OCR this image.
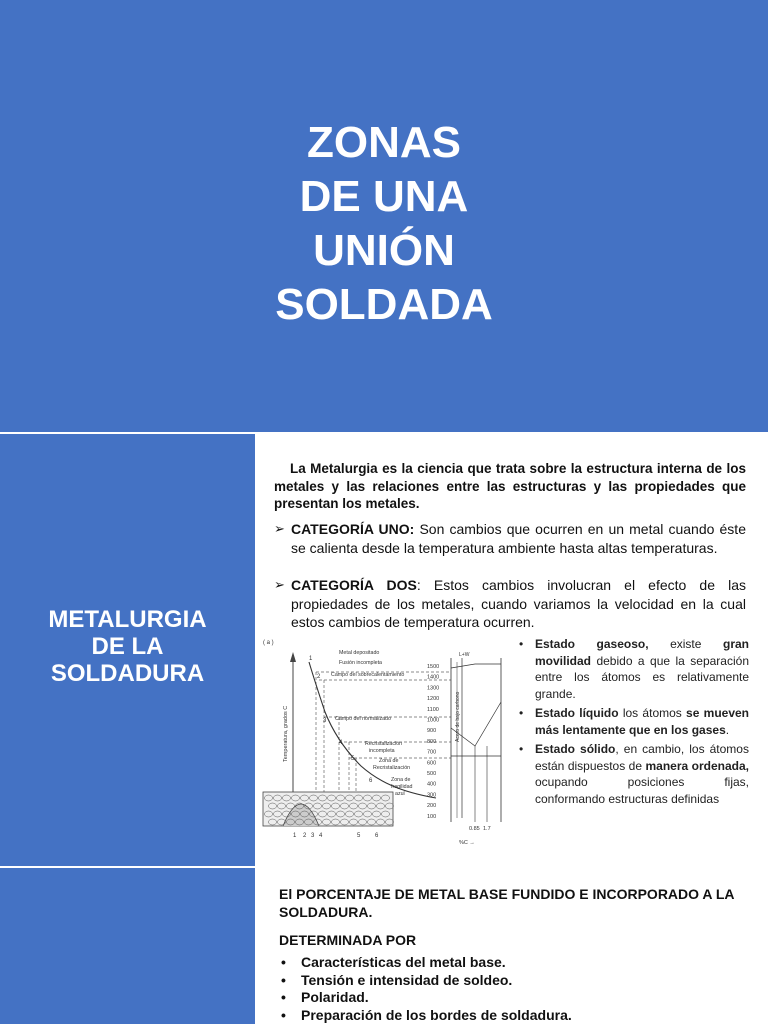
ZONAS
DE UNA
UNIÓN
SOLDADA
METALURGIA
DE LA
SOLDADURA
La Metalurgia es la ciencia que trata sobre la estructura interna de los metales y las relaciones entre las estructuras y las propiedades que presentan los metales.
➢ CATEGORÍA UNO: Son cambios que ocurren en un metal cuando éste se calienta desde la temperatura ambiente hasta altas temperaturas.
➢ CATEGORÍA DOS: Estos cambios involucran el efecto de las propiedades de los metales, cuando variamos la velocidad en la cual estos cambios de temperatura ocurren.
( a )
Temperatura, grados C
Metal depositado
Fusión incompleta
Campo del sobrecalentamiento
Campo del normalizado
Recristalización
incompleta
Zona de
Recristalización
Zona de
fragilidad
azul
1500
1400
1300
1200
1100
1000
900
800
700
600
500
400
300
200
100
1 2 3 4	5 6
1
2
3
4
5
6
L+W
Acero de bajo carbono
0.85 1.7
%C →
• Estado gaseoso, existe gran movilidad debido a que la separación entre los átomos es relativamente grande.
• Estado líquido los átomos se mueven más lentamente que en los gases.
• Estado sólido, en cambio, los átomos están dispuestos de manera ordenada, ocupando posiciones fijas, conformando estructuras definidas
El PORCENTAJE DE METAL BASE FUNDIDO E INCORPORADO A LA SOLDADURA.
DETERMINADA POR
• Características del metal base.
• Tensión e intensidad de soldeo.
• Polaridad.
• Preparación de los bordes de soldadura.
